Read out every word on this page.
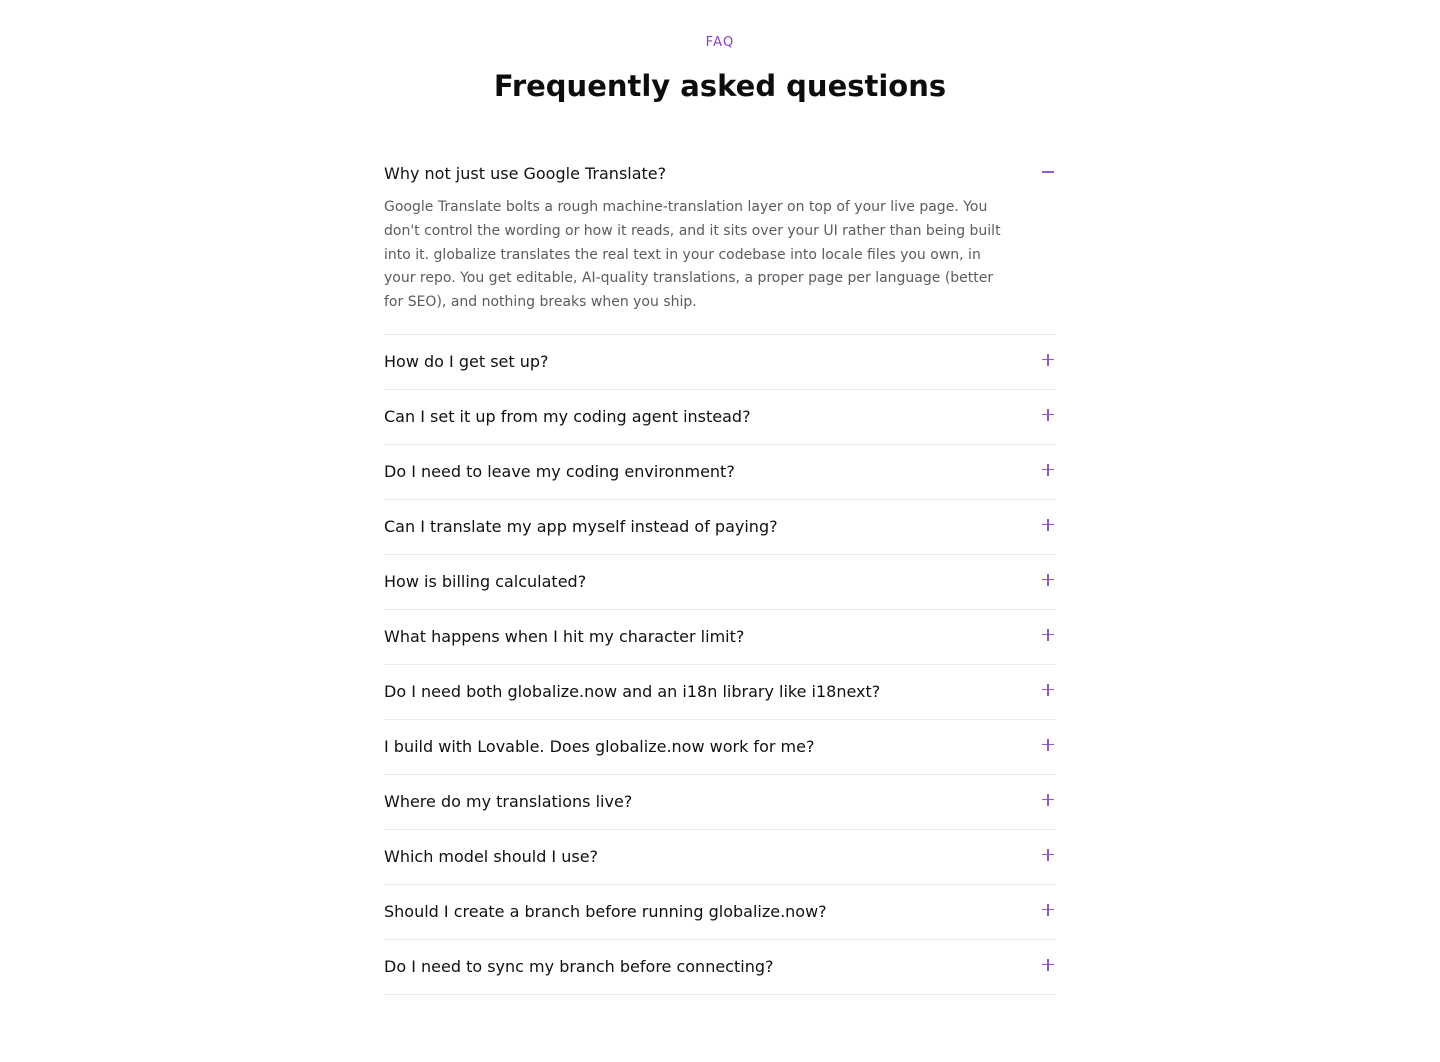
FAQ
Frequently asked questions
Why not just use Google Translate?
Google Translate bolts a rough machine-translation layer on top of your live page. You don't control the wording or how it reads, and it sits over your UI rather than being built into it. globalize translates the real text in your codebase into locale files you own, in your repo. You get editable, AI-quality translations, a proper page per language (better for SEO), and nothing breaks when you ship.
How do I get set up?
Can I set it up from my coding agent instead?
Do I need to leave my coding environment?
Can I translate my app myself instead of paying?
How is billing calculated?
What happens when I hit my character limit?
Do I need both globalize.now and an i18n library like i18next?
I build with Lovable. Does globalize.now work for me?
Where do my translations live?
Which model should I use?
Should I create a branch before running globalize.now?
Do I need to sync my branch before connecting?
